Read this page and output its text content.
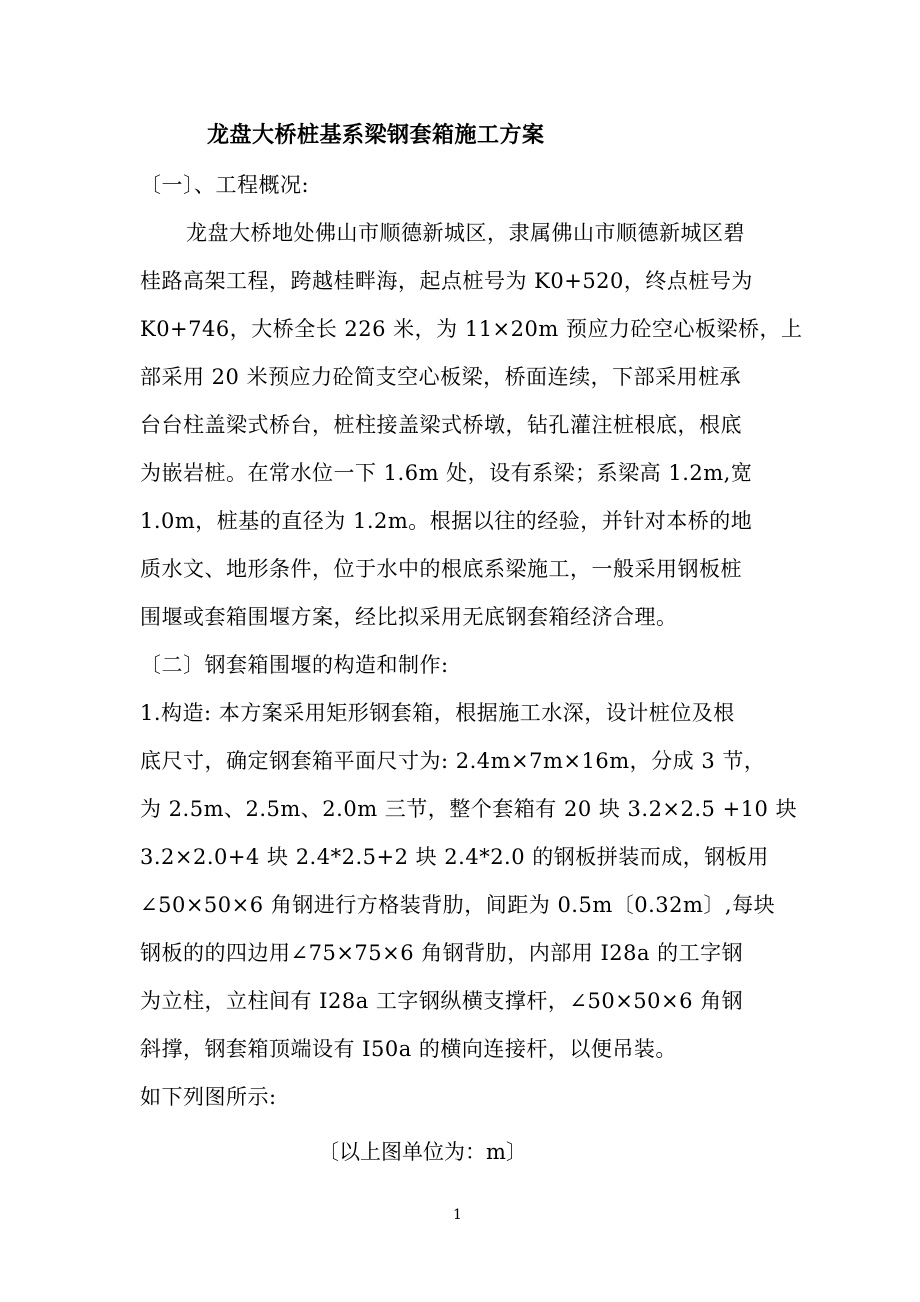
龙盘大桥桩基系梁钢套箱施工方案
〔一〕、工程概况:
龙盘大桥地处佛山市顺德新城区，隶属佛山市顺德新城区碧
桂路高架工程，跨越桂畔海，起点桩号为 K0+520，终点桩号为
K0+746，大桥全长 226 米，为 11×20m 预应力砼空心板梁桥，上
部采用 20 米预应力砼简支空心板梁，桥面连续，下部采用桩承
台台柱盖梁式桥台，桩柱接盖梁式桥墩，钻孔灌注桩根底，根底
为嵌岩桩。在常水位一下 1.6m 处，设有系梁；系梁高 1.2m,宽
1.0m，桩基的直径为 1.2m。根据以往的经验，并针对本桥的地
质水文、地形条件，位于水中的根底系梁施工，一般采用钢板桩
围堰或套箱围堰方案，经比拟采用无底钢套箱经济合理。
〔二〕钢套箱围堰的构造和制作:
1.构造: 本方案采用矩形钢套箱，根据施工水深，设计桩位及根
底尺寸，确定钢套箱平面尺寸为: 2.4m×7m×16m，分成 3 节，
为 2.5m、2.5m、2.0m 三节，整个套箱有 20 块 3.2×2.5 +10 块
3.2×2.0+4 块 2.4*2.5+2 块 2.4*2.0 的钢板拼装而成，钢板用
∠50×50×6 角钢进行方格装背肋，间距为 0.5m〔0.32m〕,每块
钢板的的四边用∠75×75×6 角钢背肋，内部用 I28a 的工字钢
为立柱，立柱间有 I28a 工字钢纵横支撑杆，∠50×50×6 角钢
斜撑，钢套箱顶端设有 I50a 的横向连接杆，以便吊装。
如下列图所示:
〔以上图单位为：m〕
1
